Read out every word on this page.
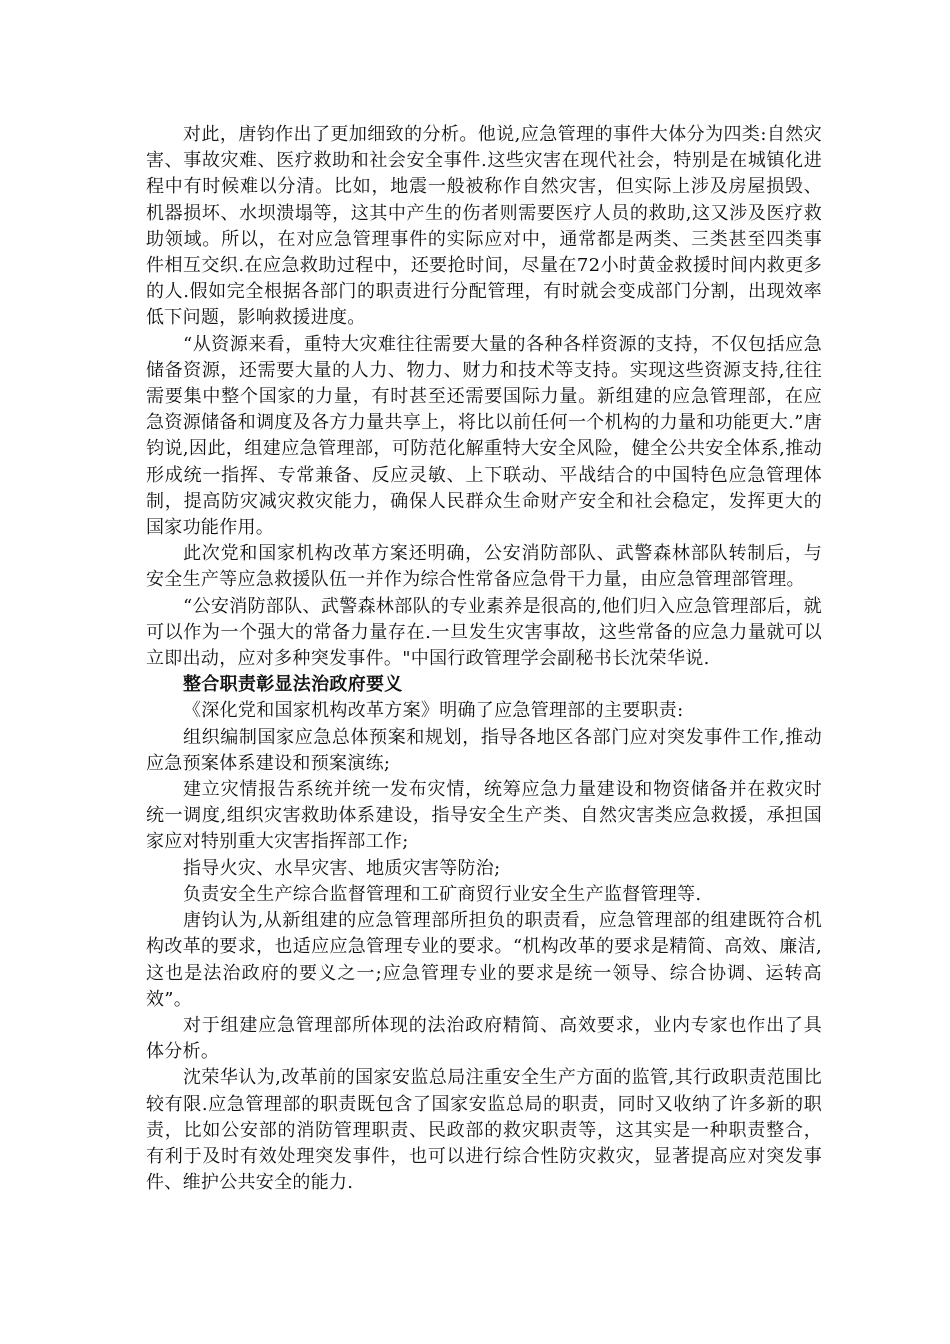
对此，唐钧作出了更加细致的分析。他说,应急管理的事件大体分为四类:自然灾害、事故灾难、医疗救助和社会安全事件.这些灾害在现代社会，特别是在城镇化进程中有时候难以分清。比如，地震一般被称作自然灾害，但实际上涉及房屋损毁、机器损坏、水坝溃塌等，这其中产生的伤者则需要医疗人员的救助,这又涉及医疗救助领域。所以，在对应急管理事件的实际应对中，通常都是两类、三类甚至四类事件相互交织.在应急救助过程中，还要抢时间，尽量在72小时黄金救援时间内救更多的人.假如完全根据各部门的职责进行分配管理，有时就会变成部门分割，出现效率低下问题，影响救援进度。

“从资源来看，重特大灾难往往需要大量的各种各样资源的支持，不仅包括应急储备资源，还需要大量的人力、物力、财力和技术等支持。实现这些资源支持,往往需要集中整个国家的力量，有时甚至还需要国际力量。新组建的应急管理部，在应急资源储备和调度及各方力量共享上，将比以前任何一个机构的力量和功能更大.”唐钧说,因此，组建应急管理部，可防范化解重特大安全风险，健全公共安全体系,推动形成统一指挥、专常兼备、反应灵敏、上下联动、平战结合的中国特色应急管理体制，提高防灾减灾救灾能力，确保人民群众生命财产安全和社会稳定，发挥更大的国家功能作用。

此次党和国家机构改革方案还明确，公安消防部队、武警森林部队转制后，与安全生产等应急救援队伍一并作为综合性常备应急骨干力量，由应急管理部管理。

“公安消防部队、武警森林部队的专业素养是很高的,他们归入应急管理部后，就可以作为一个强大的常备力量存在.一旦发生灾害事故，这些常备的应急力量就可以立即出动，应对多种突发事件。"中国行政管理学会副秘书长沈荣华说.

整合职责彰显法治政府要义

《深化党和国家机构改革方案》明确了应急管理部的主要职责:

组织编制国家应急总体预案和规划，指导各地区各部门应对突发事件工作,推动应急预案体系建设和预案演练;

建立灾情报告系统并统一发布灾情，统筹应急力量建设和物资储备并在救灾时统一调度,组织灾害救助体系建设，指导安全生产类、自然灾害类应急救援，承担国家应对特别重大灾害指挥部工作;

指导火灾、水旱灾害、地质灾害等防治;

负责安全生产综合监督管理和工矿商贸行业安全生产监督管理等.

唐钧认为,从新组建的应急管理部所担负的职责看，应急管理部的组建既符合机构改革的要求，也适应应急管理专业的要求。“机构改革的要求是精简、高效、廉洁,这也是法治政府的要义之一;应急管理专业的要求是统一领导、综合协调、运转高效”。

对于组建应急管理部所体现的法治政府精简、高效要求，业内专家也作出了具体分析。

沈荣华认为,改革前的国家安监总局注重安全生产方面的监管,其行政职责范围比较有限.应急管理部的职责既包含了国家安监总局的职责，同时又收纳了许多新的职责，比如公安部的消防管理职责、民政部的救灾职责等，这其实是一种职责整合，有利于及时有效处理突发事件，也可以进行综合性防灾救灾，显著提高应对突发事件、维护公共安全的能力.
